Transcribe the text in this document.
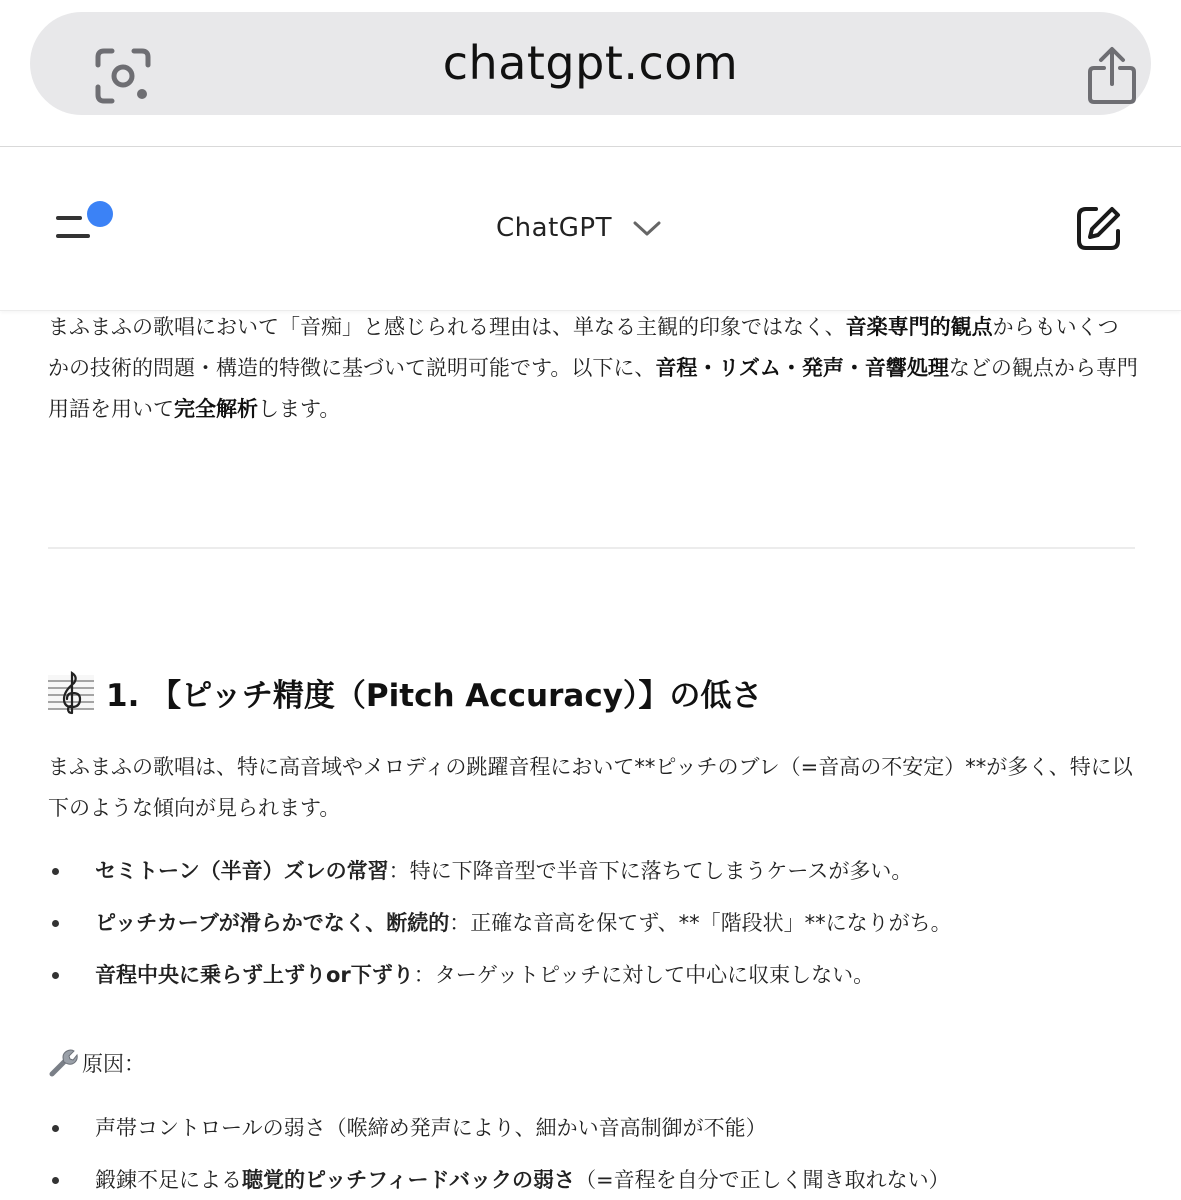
chatgpt.com
ChatGPT

まふまふの歌唱において「音痴」と感じられる理由は、単なる主観的印象ではなく、音楽専門的観点からもいくつかの技術的問題・構造的特徴に基づいて説明可能です。以下に、音程・リズム・発声・音響処理などの観点から専門用語を用いて完全解析します。

1. 【ピッチ精度（Pitch Accuracy）】の低さ

まふまふの歌唱は、特に高音域やメロディの跳躍音程において**ピッチのブレ（=音高の不安定）**が多く、特に以下のような傾向が見られます。

セミトーン（半音）ズレの常習：特に下降音型で半音下に落ちてしまうケースが多い。
ピッチカーブが滑らかでなく、断続的：正確な音高を保てず、**「階段状」**になりがち。
音程中央に乗らず上ずりor下ずり：ターゲットピッチに対して中心に収束しない。
原因：
声帯コントロールの弱さ（喉締め発声により、細かい音高制御が不能）
鍛錬不足による聴覚的ピッチフィードバックの弱さ（=音程を自分で正しく聞き取れない）
